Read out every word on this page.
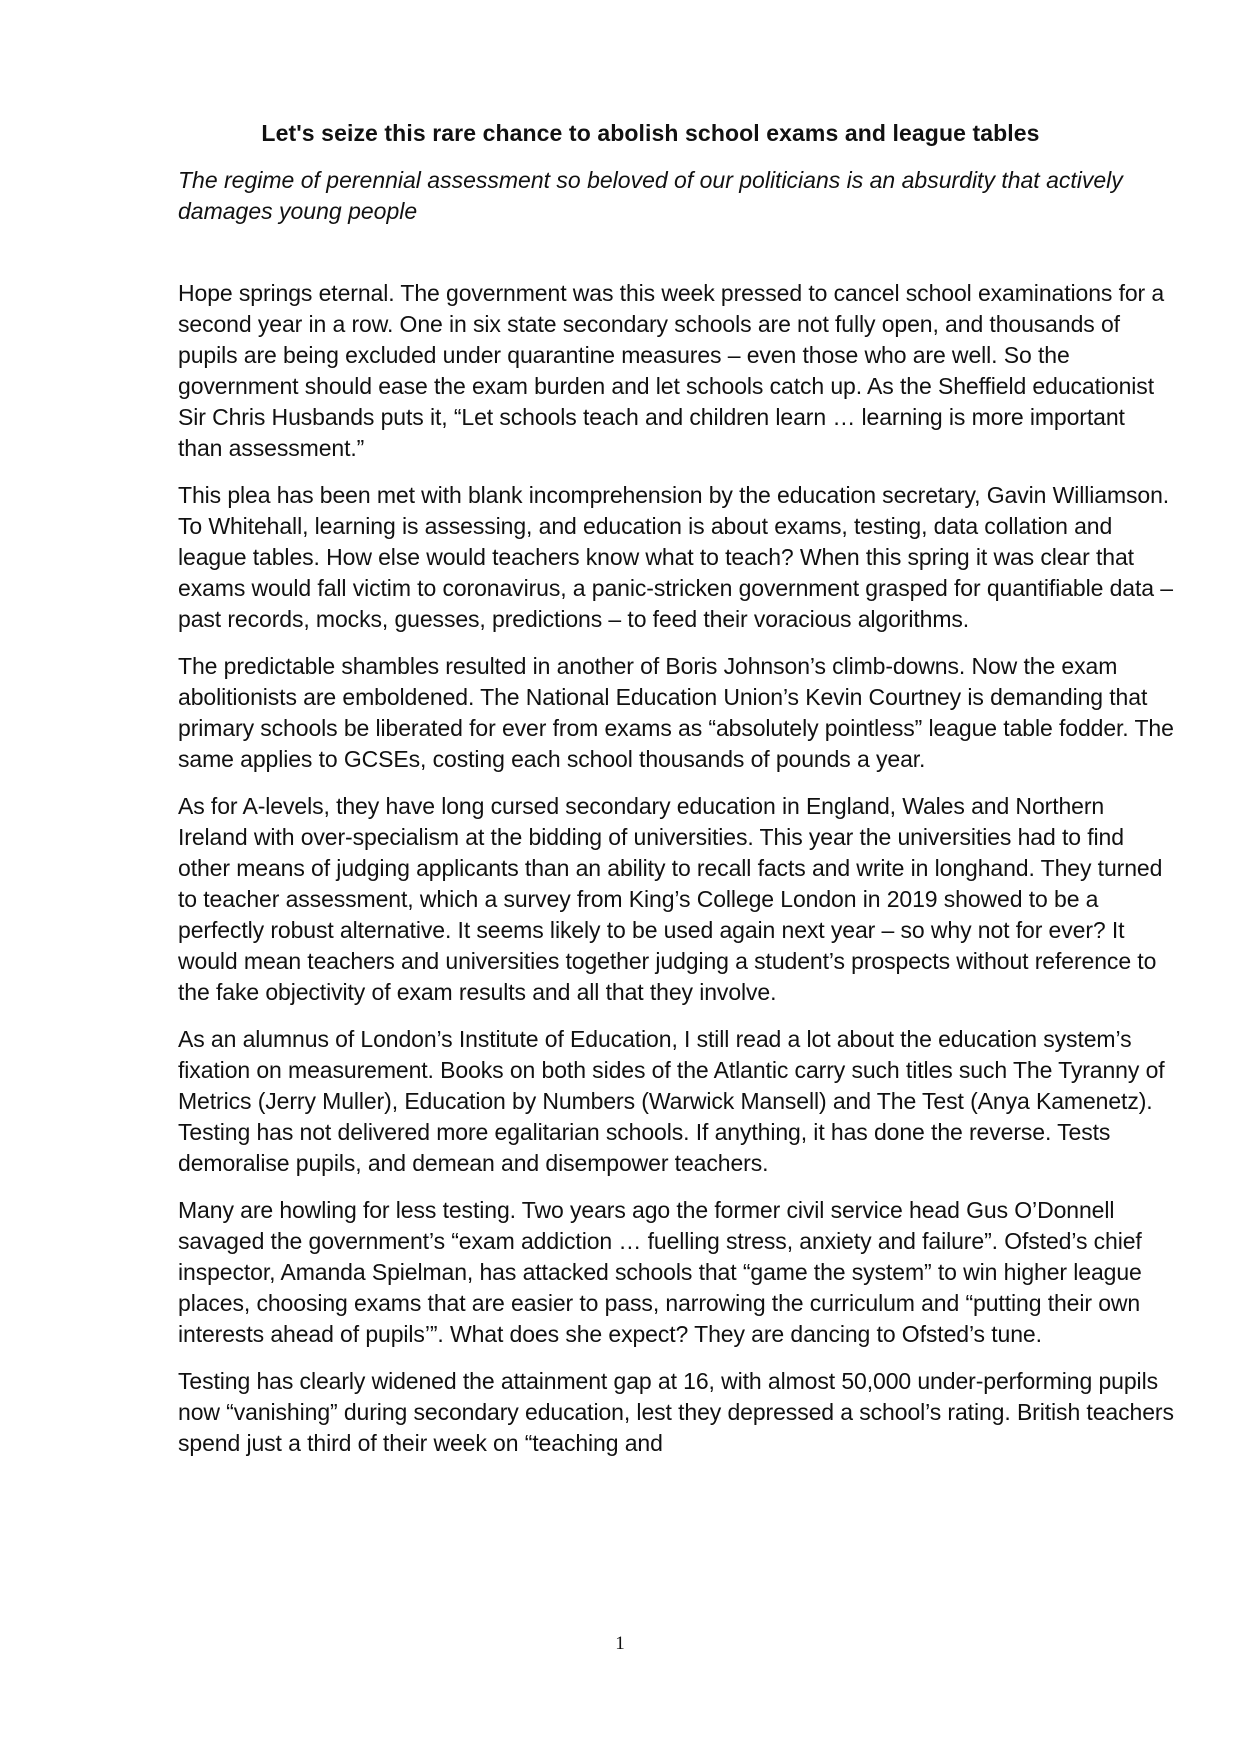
Let's seize this rare chance to abolish school exams and league tables

The regime of perennial assessment so beloved of our politicians is an absurdity that actively damages young people

Hope springs eternal. The government was this week pressed to cancel school examinations for a second year in a row. One in six state secondary schools are not fully open, and thousands of pupils are being excluded under quarantine measures – even those who are well. So the government should ease the exam burden and let schools catch up. As the Sheffield educationist Sir Chris Husbands puts it, “Let schools teach and children learn … learning is more important than assessment.”

This plea has been met with blank incomprehension by the education secretary, Gavin Williamson. To Whitehall, learning is assessing, and education is about exams, testing, data collation and league tables. How else would teachers know what to teach? When this spring it was clear that exams would fall victim to coronavirus, a panic-stricken government grasped for quantifiable data – past records, mocks, guesses, predictions – to feed their voracious algorithms.

The predictable shambles resulted in another of Boris Johnson’s climb-downs. Now the exam abolitionists are emboldened. The National Education Union’s Kevin Courtney is demanding that primary schools be liberated for ever from exams as “absolutely pointless” league table fodder. The same applies to GCSEs, costing each school thousands of pounds a year.

As for A-levels, they have long cursed secondary education in England, Wales and Northern Ireland with over-specialism at the bidding of universities. This year the universities had to find other means of judging applicants than an ability to recall facts and write in longhand. They turned to teacher assessment, which a survey from King’s College London in 2019 showed to be a perfectly robust alternative. It seems likely to be used again next year – so why not for ever? It would mean teachers and universities together judging a student’s prospects without reference to the fake objectivity of exam results and all that they involve.

As an alumnus of London’s Institute of Education, I still read a lot about the education system’s fixation on measurement. Books on both sides of the Atlantic carry such titles such The Tyranny of Metrics (Jerry Muller), Education by Numbers (Warwick Mansell) and The Test (Anya Kamenetz). Testing has not delivered more egalitarian schools. If anything, it has done the reverse. Tests demoralise pupils, and demean and disempower teachers.

Many are howling for less testing. Two years ago the former civil service head Gus O’Donnell savaged the government’s “exam addiction … fuelling stress, anxiety and failure”. Ofsted’s chief inspector, Amanda Spielman, has attacked schools that “game the system” to win higher league places, choosing exams that are easier to pass, narrowing the curriculum and “putting their own interests ahead of pupils’”. What does she expect? They are dancing to Ofsted’s tune.

Testing has clearly widened the attainment gap at 16, with almost 50,000 under-performing pupils now “vanishing” during secondary education, lest they depressed a school’s rating. British teachers spend just a third of their week on “teaching and

1
